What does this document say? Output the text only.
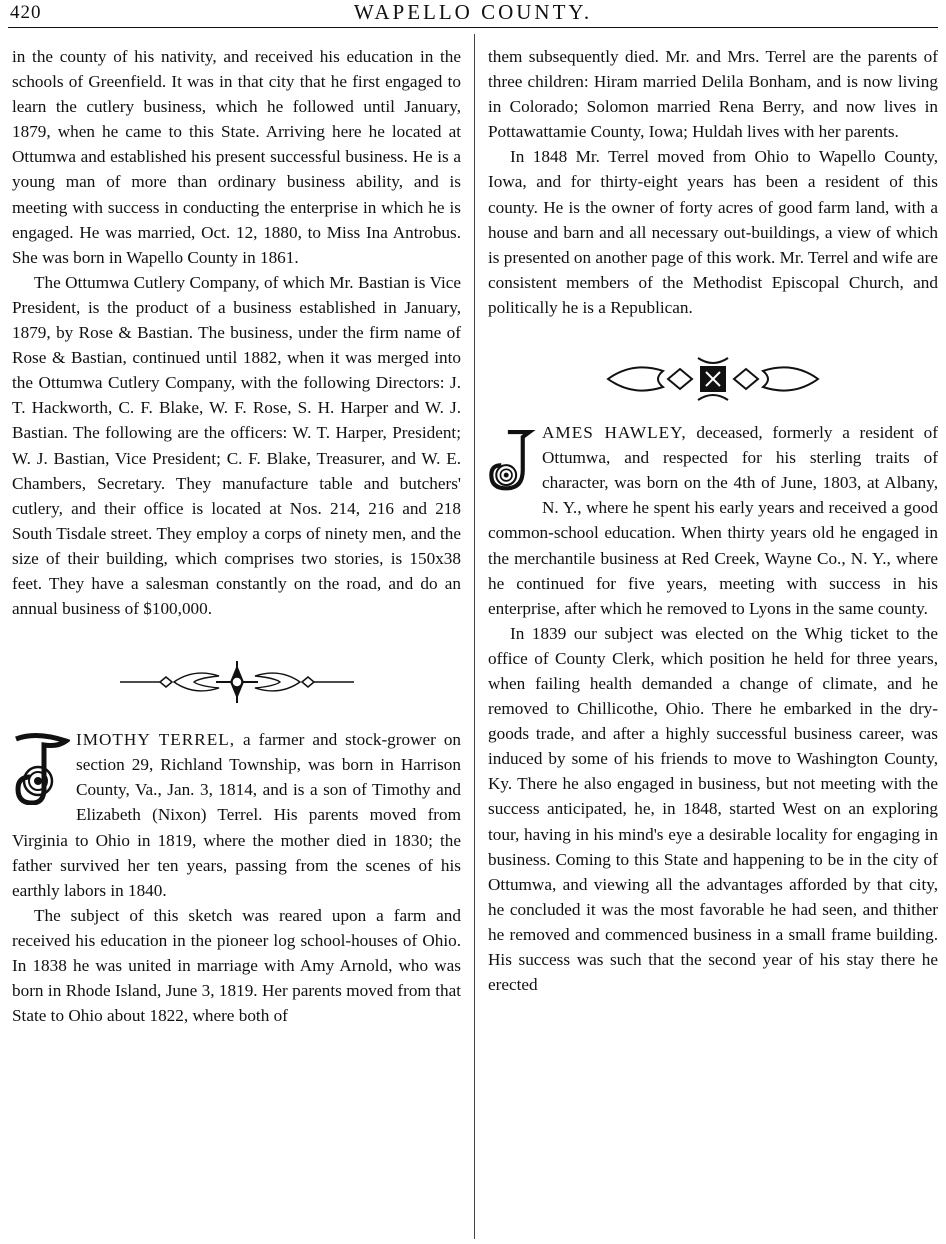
420	WAPELLO COUNTY.

in the county of his nativity, and received his education in the schools of Greenfield. It was in that city that he first engaged to learn the cutlery business, which he followed until January, 1879, when he came to this State. Arriving here he located at Ottumwa and established his present successful business. He is a young man of more than ordinary business ability, and is meeting with success in conducting the enterprise in which he is engaged. He was married, Oct. 12, 1880, to Miss Ina Antrobus. She was born in Wapello County in 1861.

The Ottumwa Cutlery Company, of which Mr. Bastian is Vice President, is the product of a business established in January, 1879, by Rose & Bastian. The business, under the firm name of Rose & Bastian, continued until 1882, when it was merged into the Ottumwa Cutlery Company, with the following Directors: J. T. Hackworth, C. F. Blake, W. F. Rose, S. H. Harper and W. J. Bastian. The following are the officers: W. T. Harper, President; W. J. Bastian, Vice President; C. F. Blake, Treasurer, and W. E. Chambers, Secretary. They manufacture table and butchers' cutlery, and their office is located at Nos. 214, 216 and 218 South Tisdale street. They employ a corps of ninety men, and the size of their building, which comprises two stories, is 150x38 feet. They have a salesman constantly on the road, and do an annual business of $100,000.

T	IMOTHY TERREL, a farmer and stock-grower on section 29, Richland Township, was born in Harrison County, Va., Jan. 3, 1814, and is a son of Timothy and Elizabeth (Nixon) Terrel. His parents moved from Virginia to Ohio in 1819, where the mother died in 1830; the father survived her ten years, passing from the scenes of his earthly labors in 1840.

The subject of this sketch was reared upon a farm and received his education in the pioneer log school-houses of Ohio. In 1838 he was united in marriage with Amy Arnold, who was born in Rhode Island, June 3, 1819. Her parents moved from that State to Ohio about 1822, where both of

them subsequently died. Mr. and Mrs. Terrel are the parents of three children: Hiram married Delila Bonham, and is now living in Colorado; Solomon married Rena Berry, and now lives in Pottawattamie County, Iowa; Huldah lives with her parents.

In 1848 Mr. Terrel moved from Ohio to Wapello County, Iowa, and for thirty-eight years has been a resident of this county. He is the owner of forty acres of good farm land, with a house and barn and all necessary out-buildings, a view of which is presented on another page of this work. Mr. Terrel and wife are consistent members of the Methodist Episcopal Church, and politically he is a Republican.

J	AMES HAWLEY, deceased, formerly a resident of Ottumwa, and respected for his sterling traits of character, was born on the 4th of June, 1803, at Albany, N. Y., where he spent his early years and received a good common-school education. When thirty years old he engaged in the merchantile business at Red Creek, Wayne Co., N. Y., where he continued for five years, meeting with success in his enterprise, after which he removed to Lyons in the same county.

In 1839 our subject was elected on the Whig ticket to the office of County Clerk, which position he held for three years, when failing health demanded a change of climate, and he removed to Chillicothe, Ohio. There he embarked in the dry-goods trade, and after a highly successful business career, was induced by some of his friends to move to Washington County, Ky. There he also engaged in business, but not meeting with the success anticipated, he, in 1848, started West on an exploring tour, having in his mind's eye a desirable locality for engaging in business. Coming to this State and happening to be in the city of Ottumwa, and viewing all the advantages afforded by that city, he concluded it was the most favorable he had seen, and thither he removed and commenced business in a small frame building. His success was such that the second year of his stay there he erected
